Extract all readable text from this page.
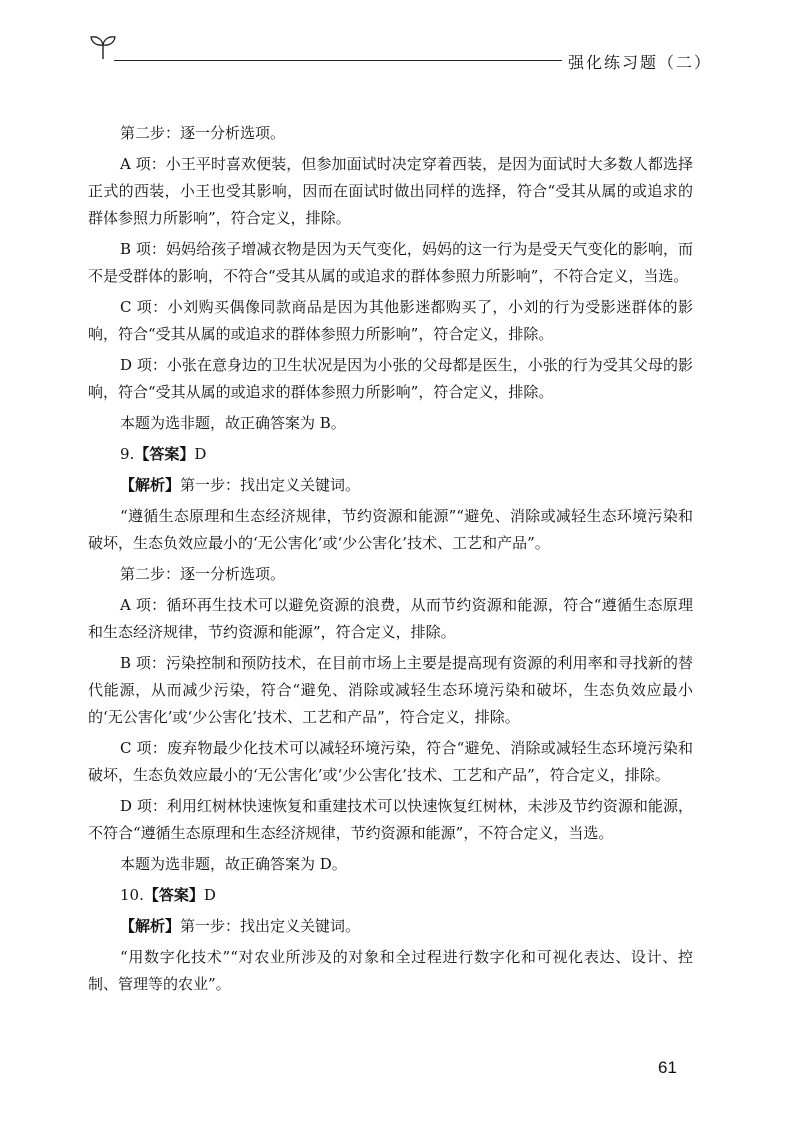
强化练习题（二）

第二步：逐一分析选项。

A 项：小王平时喜欢便装，但参加面试时决定穿着西装，是因为面试时大多数人都选择正式的西装，小王也受其影响，因而在面试时做出同样的选择，符合“受其从属的或追求的群体参照力所影响”，符合定义，排除。

B 项：妈妈给孩子增减衣物是因为天气变化，妈妈的这一行为是受天气变化的影响，而不是受群体的影响，不符合“受其从属的或追求的群体参照力所影响”，不符合定义，当选。

C 项：小刘购买偶像同款商品是因为其他影迷都购买了，小刘的行为受影迷群体的影响，符合“受其从属的或追求的群体参照力所影响”，符合定义，排除。

D 项：小张在意身边的卫生状况是因为小张的父母都是医生，小张的行为受其父母的影响，符合“受其从属的或追求的群体参照力所影响”，符合定义，排除。

本题为选非题，故正确答案为 B。

9.【答案】D

【解析】第一步：找出定义关键词。

“遵循生态原理和生态经济规律，节约资源和能源”“避免、消除或减轻生态环境污染和破坏，生态负效应最小的‘无公害化’或‘少公害化’技术、工艺和产品”。

第二步：逐一分析选项。

A 项：循环再生技术可以避免资源的浪费，从而节约资源和能源，符合“遵循生态原理和生态经济规律，节约资源和能源”，符合定义，排除。

B 项：污染控制和预防技术，在目前市场上主要是提高现有资源的利用率和寻找新的替代能源，从而减少污染，符合“避免、消除或减轻生态环境污染和破坏，生态负效应最小的‘无公害化’或‘少公害化’技术、工艺和产品”，符合定义，排除。

C 项：废弃物最少化技术可以减轻环境污染，符合“避免、消除或减轻生态环境污染和破坏，生态负效应最小的‘无公害化’或‘少公害化’技术、工艺和产品”，符合定义，排除。

D 项：利用红树林快速恢复和重建技术可以快速恢复红树林，未涉及节约资源和能源，不符合“遵循生态原理和生态经济规律，节约资源和能源”，不符合定义，当选。

本题为选非题，故正确答案为 D。

10.【答案】D

【解析】第一步：找出定义关键词。

“用数字化技术”“对农业所涉及的对象和全过程进行数字化和可视化表达、设计、控制、管理等的农业”。

61
